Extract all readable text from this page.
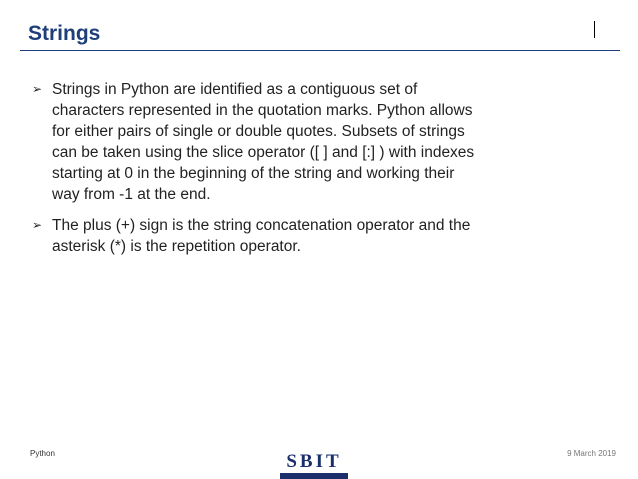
Strings
➢ Strings in Python are identified as a contiguous set of characters represented in the quotation marks. Python allows for either pairs of single or double quotes. Subsets of strings can be taken using the slice operator ([ ] and [:] ) with indexes starting at 0 in the beginning of the string and working their way from -1 at the end.
➢ The plus (+) sign is the string concatenation operator and the asterisk (*) is the repetition operator.
Python	SBIT	9 March 2019
